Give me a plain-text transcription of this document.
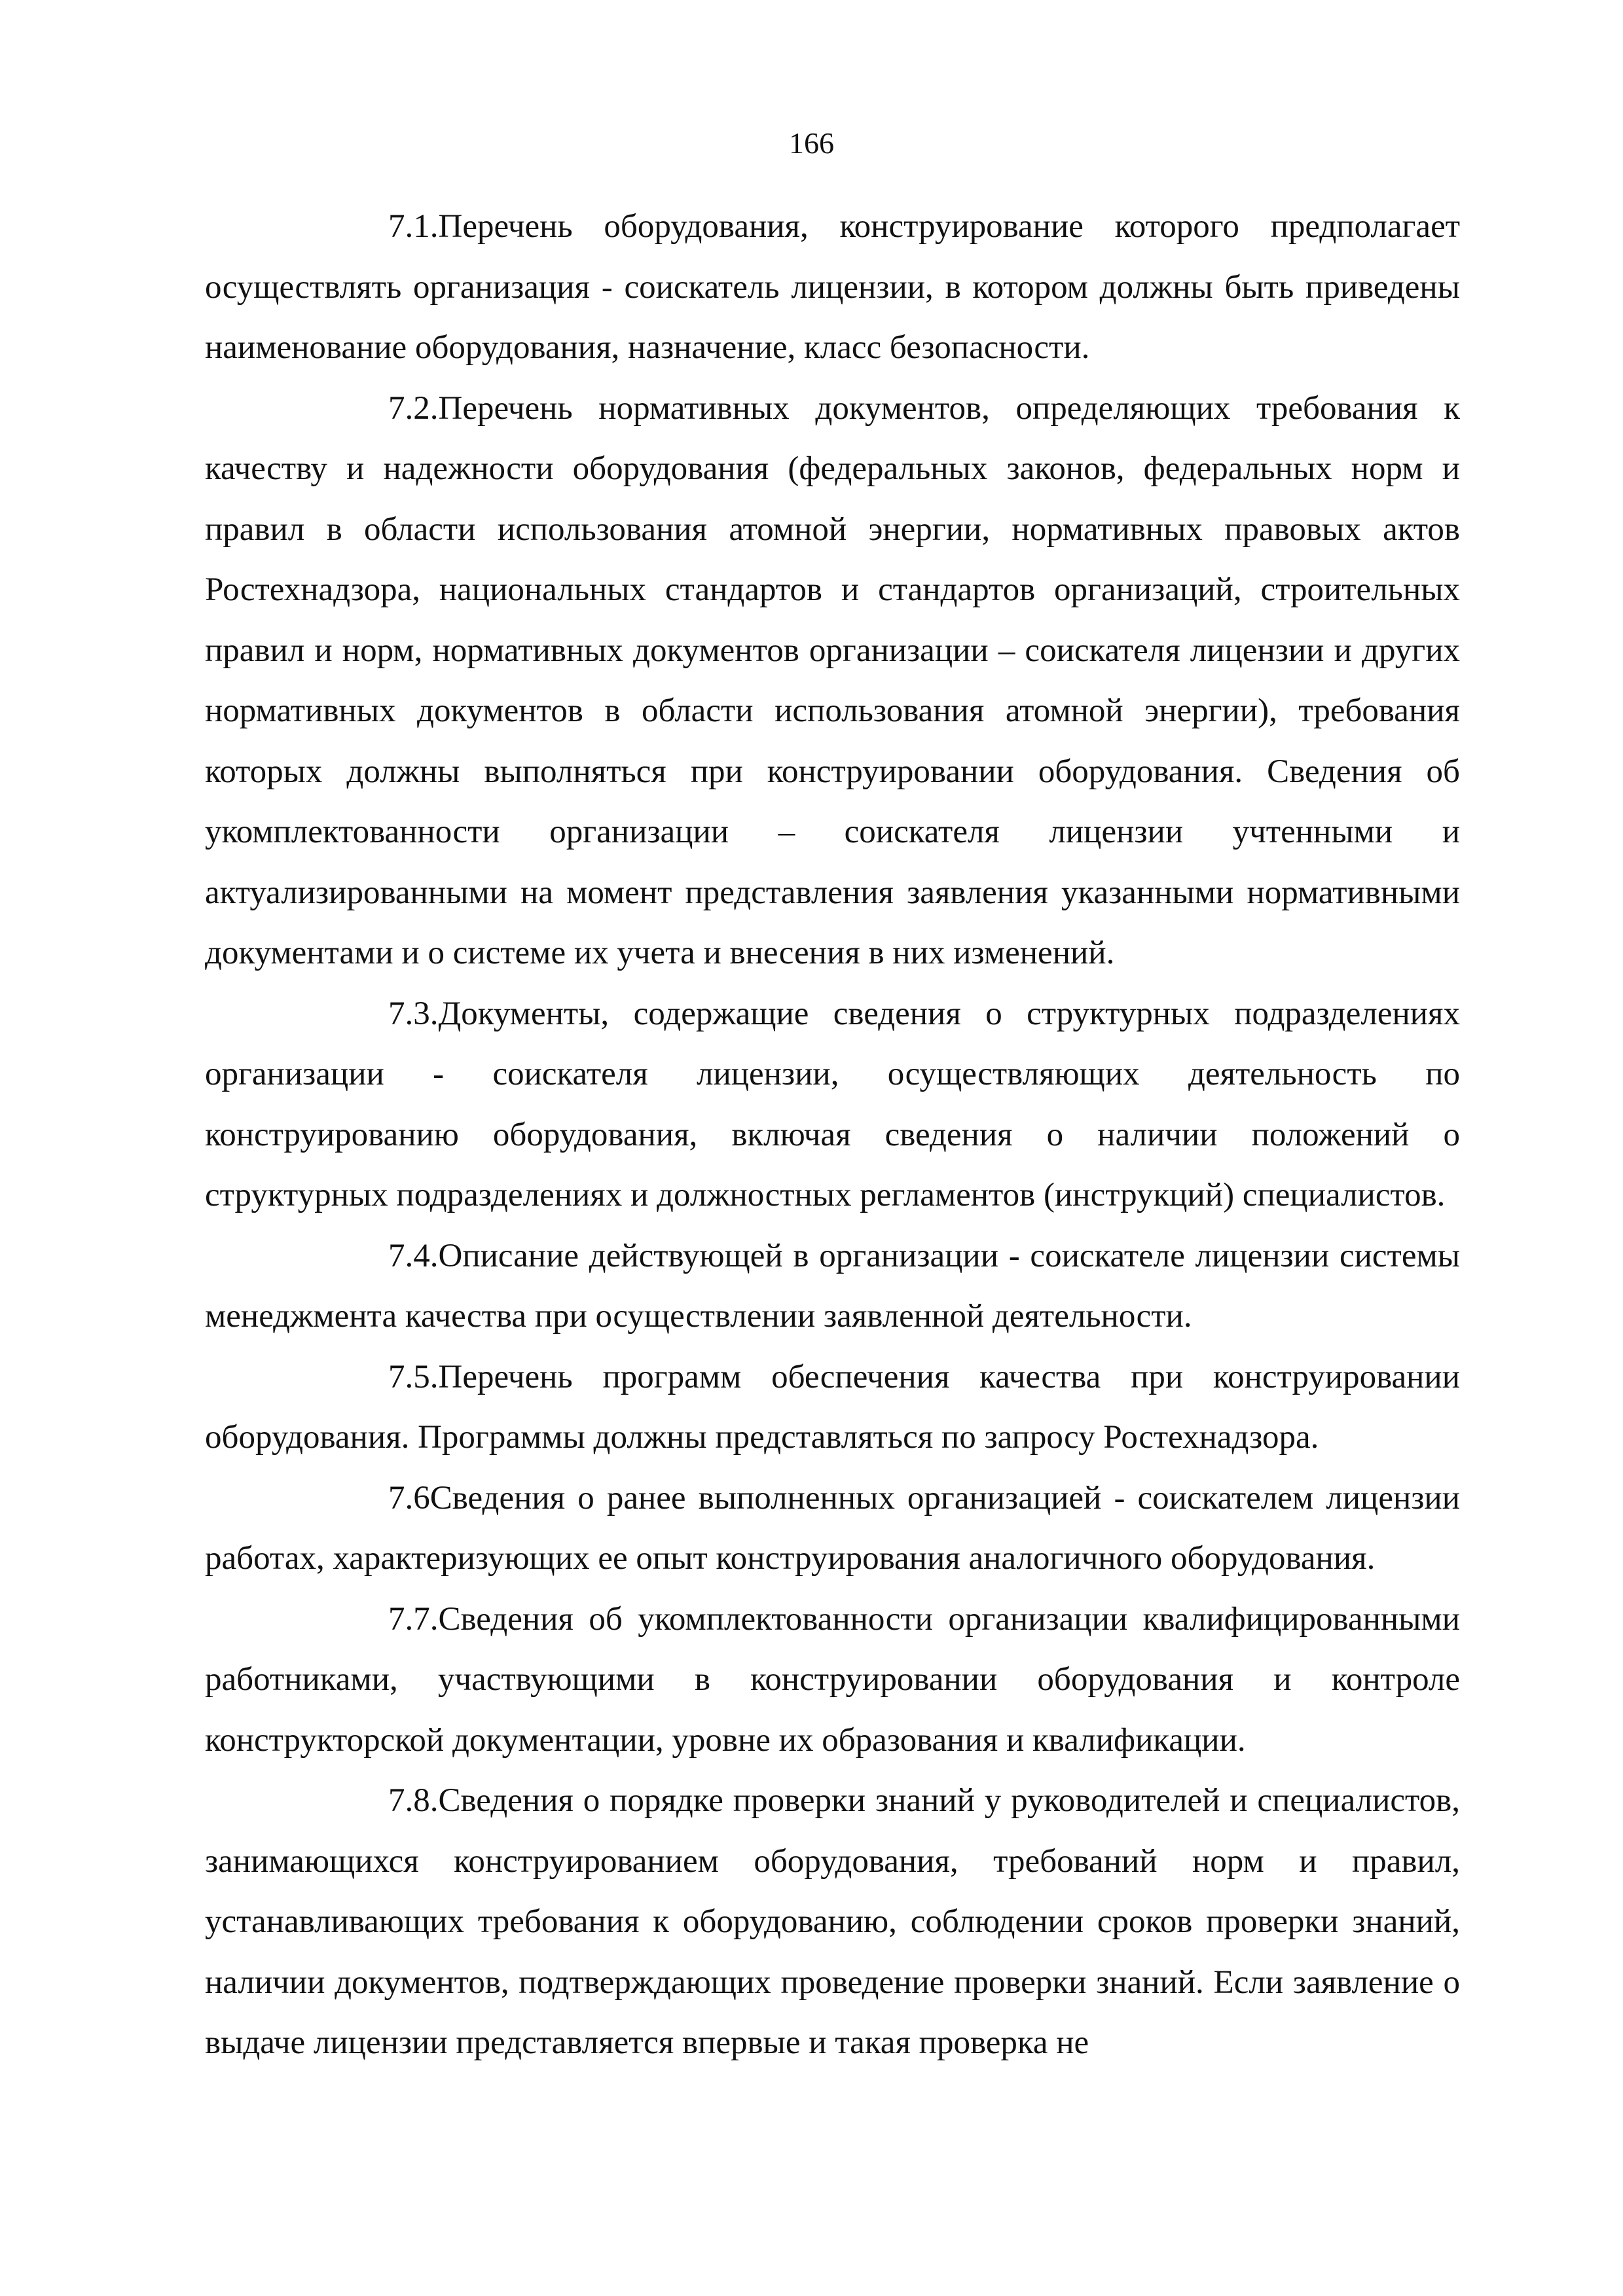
166

7.1.Перечень оборудования, конструирование которого предполагает осуществлять организация - соискатель лицензии, в котором должны быть приведены наименование оборудования, назначение, класс безопасности.

7.2.Перечень нормативных документов, определяющих требования к качеству и надежности оборудования (федеральных законов, федеральных норм и правил в области использования атомной энергии, нормативных правовых актов Ростехнадзора, национальных стандартов и стандартов организаций, строительных правил и норм, нормативных документов организации – соискателя лицензии и других нормативных документов в области использования атомной энергии), требования которых должны выполняться при конструировании оборудования. Сведения об укомплектованности организации – соискателя лицензии учтенными и актуализированными на момент представления заявления указанными нормативными документами и о системе их учета и внесения в них изменений.

7.3.Документы, содержащие сведения о структурных подразделениях организации - соискателя лицензии, осуществляющих деятельность по конструированию оборудования, включая сведения о наличии положений о структурных подразделениях и должностных регламентов (инструкций) специалистов.

7.4.Описание действующей в организации - соискателе лицензии системы менеджмента качества при осуществлении заявленной деятельности.

7.5.Перечень программ обеспечения качества при конструировании оборудования. Программы должны представляться по запросу Ростехнадзора.

7.6Сведения о ранее выполненных организацией - соискателем лицензии работах, характеризующих ее опыт конструирования аналогичного оборудования.

7.7.Сведения об укомплектованности организации квалифицированными работниками, участвующими в конструировании оборудования и контроле конструкторской документации, уровне их образования и квалификации.

7.8.Сведения о порядке проверки знаний у руководителей и специалистов, занимающихся конструированием оборудования, требований норм и правил, устанавливающих требования к оборудованию, соблюдении сроков проверки знаний, наличии документов, подтверждающих проведение проверки знаний. Если заявление о выдаче лицензии представляется впервые и такая проверка не
